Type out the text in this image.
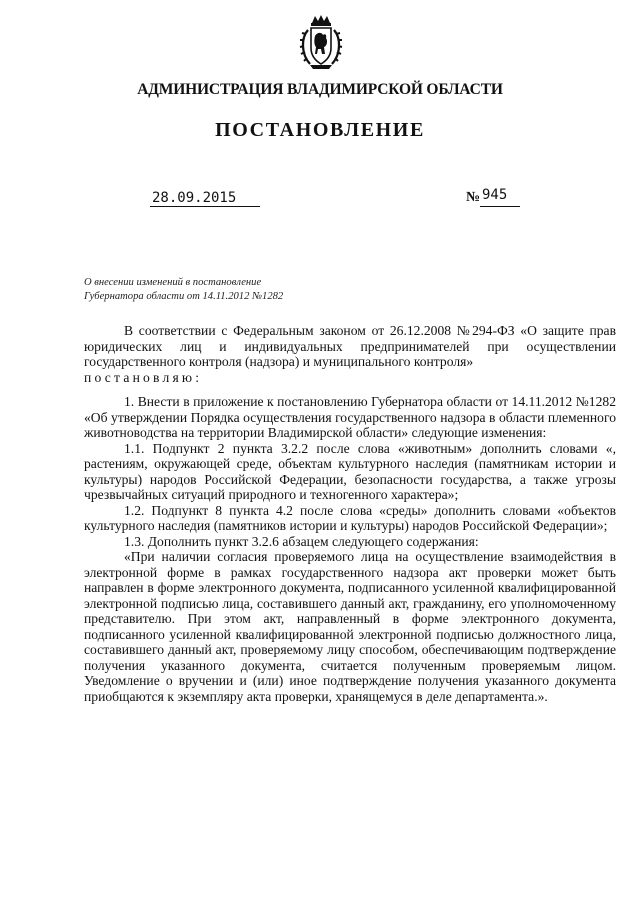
АДМИНИСТРАЦИЯ ВЛАДИМИРСКОЙ ОБЛАСТИ
ПОСТАНОВЛЕНИЕ
28.09.2015	№ 945
О внесении изменений в постановление
Губернатора области от 14.11.2012 №1282

В соответствии с Федеральным законом от 26.12.2008 №294-ФЗ «О защите прав юридических лиц и индивидуальных предпринимателей при осуществлении государственного контроля (надзора) и муниципального контроля»
постановляю:

1. Внести в приложение к постановлению Губернатора области от 14.11.2012 №1282 «Об утверждении Порядка осуществления государственного надзора в области племенного животноводства на территории Владимирской области» следующие изменения:

1.1. Подпункт 2 пункта 3.2.2 после слова «животным» дополнить словами «, растениям, окружающей среде, объектам культурного наследия (памятникам истории и культуры) народов Российской Федерации, безопасности государства, а также угрозы чрезвычайных ситуаций природного и техногенного характера»;

1.2. Подпункт 8 пункта 4.2 после слова «среды» дополнить словами «объектов культурного наследия (памятников истории и культуры) народов Российской Федерации»;

1.3. Дополнить пункт 3.2.6 абзацем следующего содержания:

«При наличии согласия проверяемого лица на осуществление взаимодействия в электронной форме в рамках государственного надзора акт проверки может быть направлен в форме электронного документа, подписанного усиленной квалифицированной электронной подписью лица, составившего данный акт, гражданину, его уполномоченному представителю. При этом акт, направленный в форме электронного документа, подписанного усиленной квалифицированной электронной подписью должностного лица, составившего данный акт, проверяемому лицу способом, обеспечивающим подтверждение получения указанного документа, считается полученным проверяемым лицом. Уведомление о вручении и (или) иное подтверждение получения указанного документа приобщаются к экземпляру акта проверки, хранящемуся в деле департамента.».
